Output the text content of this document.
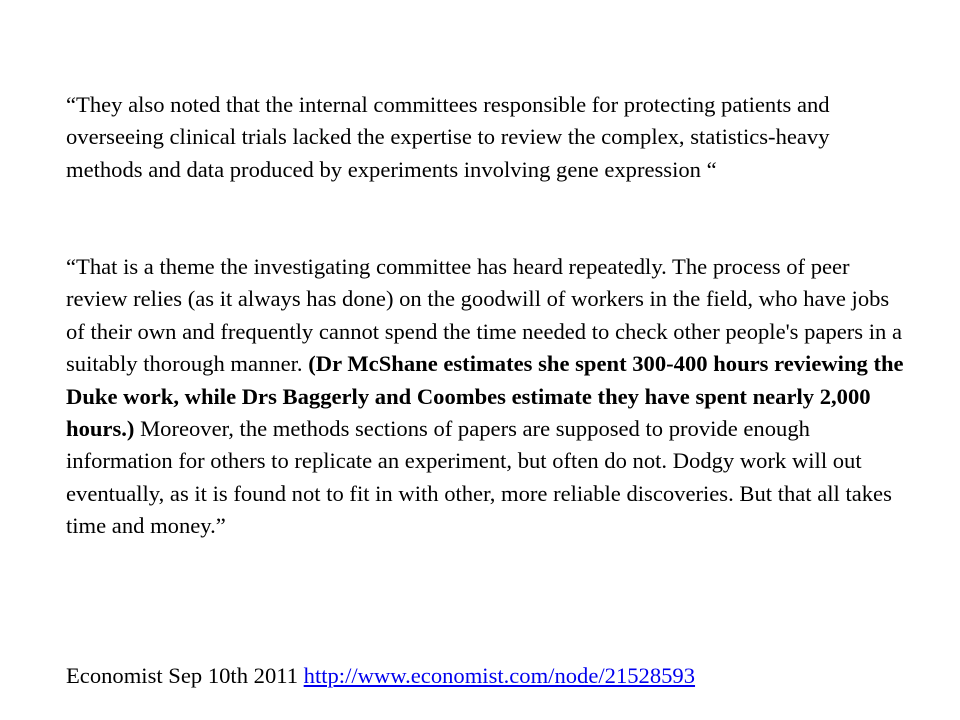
“They also noted that the internal committees responsible for protecting patients and overseeing clinical trials lacked the expertise to review the complex, statistics-heavy methods and data produced by experiments involving gene expression “

“That is a theme the investigating committee has heard repeatedly. The process of peer review relies (as it always has done) on the goodwill of workers in the field, who have jobs of their own and frequently cannot spend the time needed to check other people's papers in a suitably thorough manner. (Dr McShane estimates she spent 300-400 hours reviewing the Duke work, while Drs Baggerly and Coombes estimate they have spent nearly 2,000 hours.) Moreover, the methods sections of papers are supposed to provide enough information for others to replicate an experiment, but often do not. Dodgy work will out eventually, as it is found not to fit in with other, more reliable discoveries. But that all takes time and money.”

Economist Sep 10th 2011 http://www.economist.com/node/21528593
